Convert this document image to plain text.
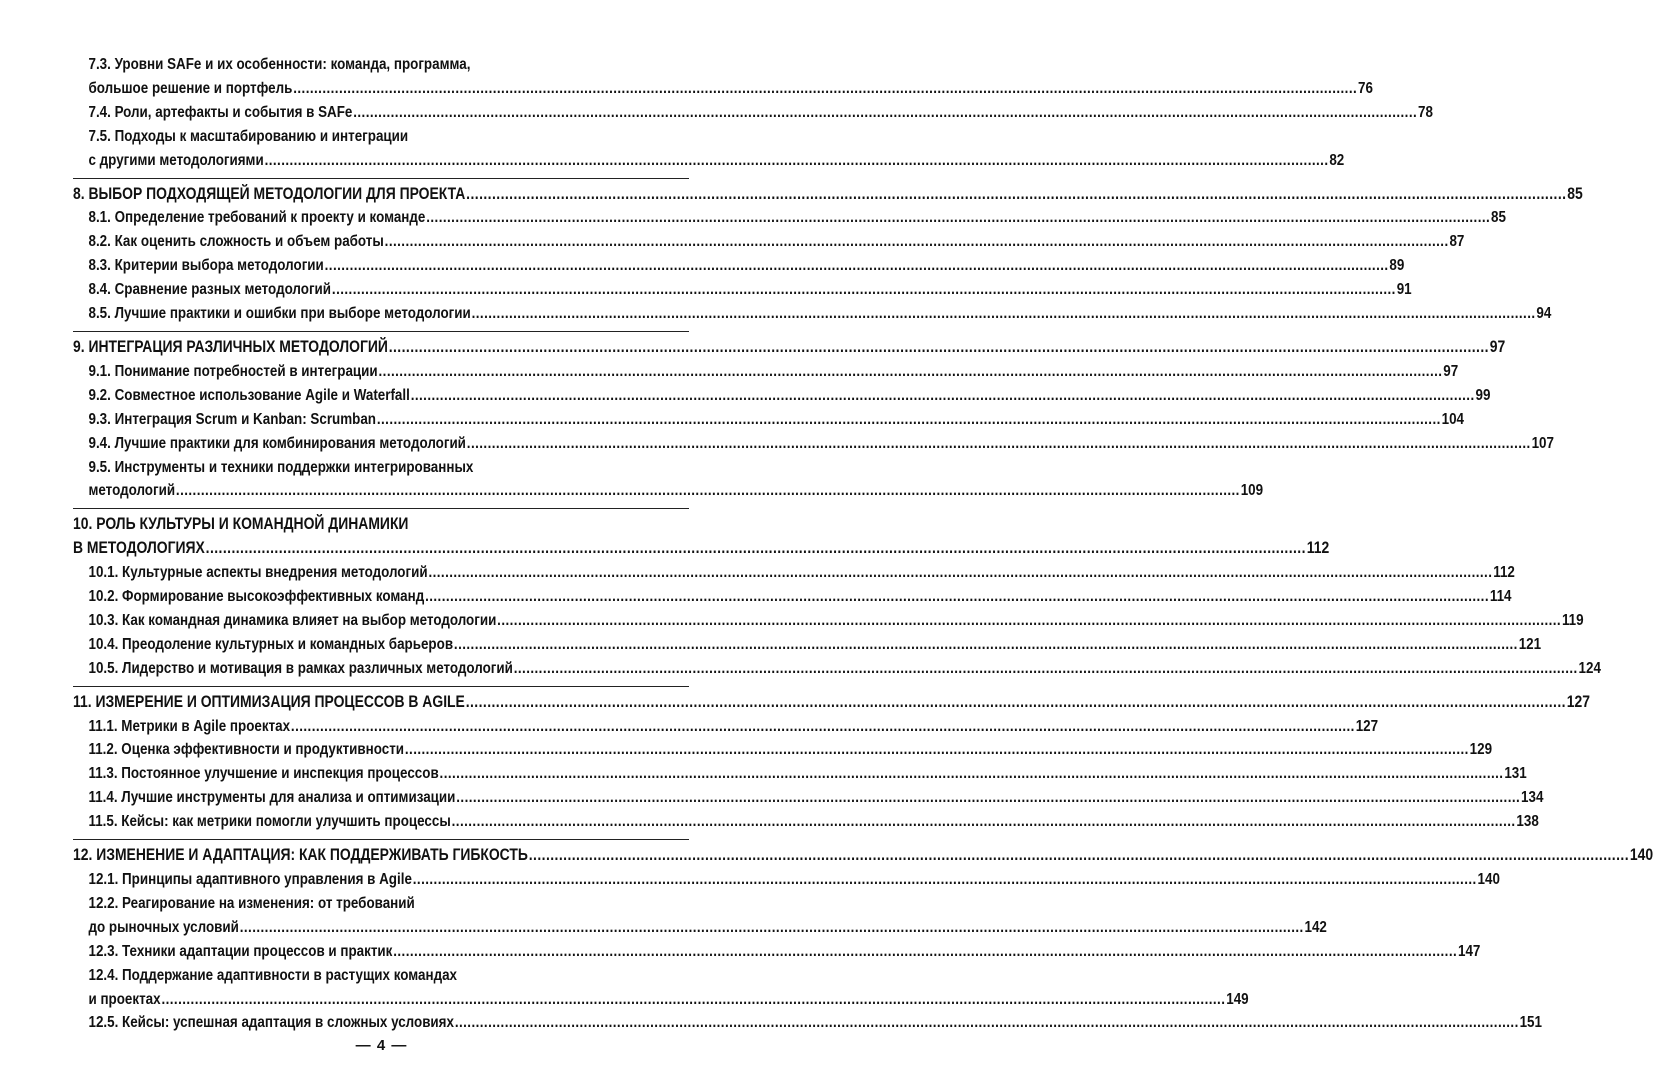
7.3. Уровни SAFe и их особенности: команда, программа,
большое решение и портфель .....	76
7.4. Роли, артефакты и события в SAFe .....	78
7.5. Подходы к масштабированию и интеграции
с другими методологиями .....	82
8. ВЫБОР ПОДХОДЯЩЕЙ МЕТОДОЛОГИИ ДЛЯ ПРОЕКТА .....	85
8.1. Определение требований к проекту и команде .....	85
8.2. Как оценить сложность и объем работы .....	87
8.3. Критерии выбора методологии .....	89
8.4. Сравнение разных методологий .....	91
8.5. Лучшие практики и ошибки при выборе методологии .....	94
9. ИНТЕГРАЦИЯ РАЗЛИЧНЫХ МЕТОДОЛОГИЙ .....	97
9.1. Понимание потребностей в интеграции .....	97
9.2. Совместное использование Agile и Waterfall .....	99
9.3. Интеграция Scrum и Kanban: Scrumban .....	104
9.4. Лучшие практики для комбинирования методологий .....	107
9.5. Инструменты и техники поддержки интегрированных
методологий .....	109
10. РОЛЬ КУЛЬТУРЫ И КОМАНДНОЙ ДИНАМИКИ
В МЕТОДОЛОГИЯХ .....	112
10.1. Культурные аспекты внедрения методологий .....	112
10.2. Формирование высокоэффективных команд .....	114
10.3. Как командная динамика влияет на выбор методологии .....	119
10.4. Преодоление культурных и командных барьеров .....	121
10.5. Лидерство и мотивация в рамках различных методологий .....	124
11. ИЗМЕРЕНИЕ И ОПТИМИЗАЦИЯ ПРОЦЕССОВ В AGILE .....	127
11.1. Метрики в Agile проектах .....	127
11.2. Оценка эффективности и продуктивности .....	129
11.3. Постоянное улучшение и инспекция процессов .....	131
11.4. Лучшие инструменты для анализа и оптимизации .....	134
11.5. Кейсы: как метрики помогли улучшить процессы .....	138
12. ИЗМЕНЕНИЕ И АДАПТАЦИЯ: КАК ПОДДЕРЖИВАТЬ ГИБКОСТЬ .....	140
12.1. Принципы адаптивного управления в Agile .....	140
12.2. Реагирование на изменения: от требований
до рыночных условий .....	142
12.3. Техники адаптации процессов и практик .....	147
12.4. Поддержание адаптивности в растущих командах
и проектах .....	149
12.5. Кейсы: успешная адаптация в сложных условиях .....	151
— 4 —
